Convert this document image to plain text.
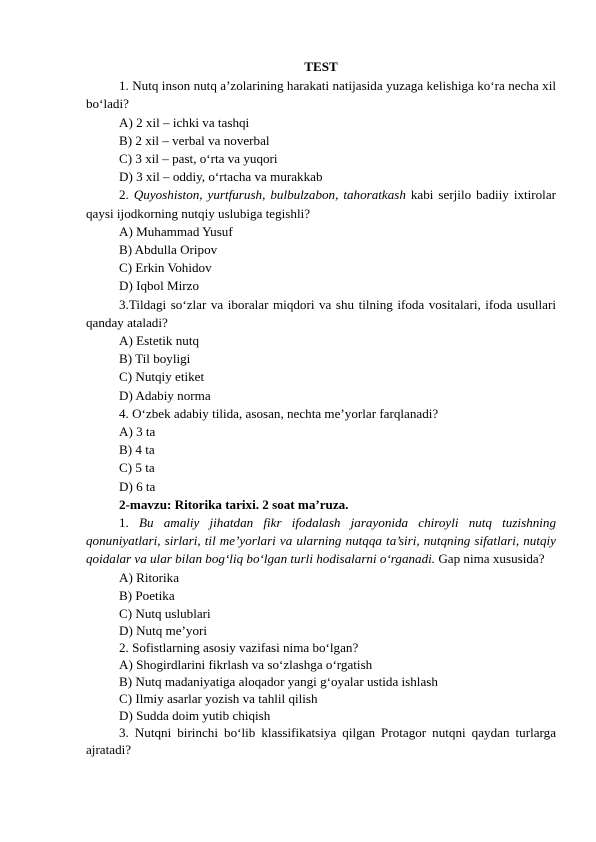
TEST
1. Nutq inson nutq a’zolarining harakati natijasida yuzaga kelishiga ko‘ra necha xil bo‘ladi?
A) 2 xil – ichki va tashqi
B) 2 xil – verbal va noverbal
C) 3 xil – past, o‘rta va yuqori
D) 3 xil – oddiy, o‘rtacha va murakkab
2. Quyoshiston, yurtfurush, bulbulzabon, tahoratkash kabi serjilo badiiy ixtirolar qaysi ijodkorning nutqiy uslubiga tegishli?
A) Muhammad Yusuf
B) Abdulla Oripov
C) Erkin Vohidov
D) Iqbol Mirzo
3.Tildagi so‘zlar va iboralar miqdori va shu tilning ifoda vositalari, ifoda usullari qanday ataladi?
A) Estetik nutq
B) Til boyligi
C) Nutqiy etiket
D) Adabiy norma
4. O‘zbek adabiy tilida, asosan, nechta me’yorlar farqlanadi?
A) 3 ta
B) 4 ta
C) 5 ta
D) 6 ta
2-mavzu: Ritorika tarixi. 2 soat ma’ruza.
1. Bu amaliy jihatdan fikr ifodalash jarayonida chiroyli nutq tuzishning qonuniyatlari, sirlari, til me’yorlari va ularning nutqqa ta’siri, nutqning sifatlari, nutqiy qoidalar va ular bilan bog‘liq bo‘lgan turli hodisalarni o‘rganadi. Gap nima xususida?
A) Ritorika
B) Poetika
C) Nutq uslublari
D) Nutq me’yori
2. Sofistlarning asosiy vazifasi nima bo‘lgan?
A) Shogirdlarini fikrlash va so‘zlashga o‘rgatish
B) Nutq madaniyatiga aloqador yangi g‘oyalar ustida ishlash
C) Ilmiy asarlar yozish va tahlil qilish
D) Sudda doim yutib chiqish
3. Nutqni birinchi bo‘lib klassifikatsiya qilgan Protagor nutqni qaydan turlarga ajratadi?
